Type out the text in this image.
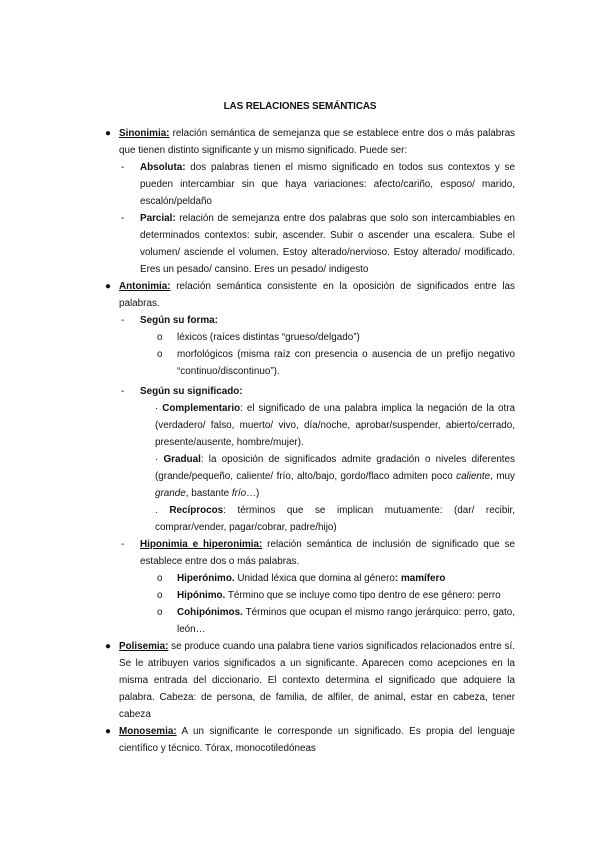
LAS RELACIONES SEMÁNTICAS
● Sinonimia: relación semántica de semejanza que se establece entre dos o más palabras que tienen distinto significante y un mismo significado. Puede ser:
- Absoluta: dos palabras tienen el mismo significado en todos sus contextos y se pueden intercambiar sin que haya variaciones: afecto/cariño, esposo/ marido, escalón/peldaño
- Parcial: relación de semejanza entre dos palabras que solo son intercambiables en determinados contextos: subir, ascender. Subir o ascender una escalera. Sube el volumen/ asciende el volumen. Estoy alterado/nervioso. Estoy alterado/ modificado. Eres un pesado/ cansino. Eres un pesado/ indigesto
● Antonimia: relación semántica consistente en la oposición de significados entre las palabras.
- Según su forma:
o léxicos (raíces distintas “grueso/delgado”)
o morfológicos (misma raíz con presencia o ausencia de un prefijo negativo “continuo/discontinuo”).
- Según su significado:
· Complementario: el significado de una palabra implica la negación de la otra (verdadero/ falso, muerto/ vivo, día/noche, aprobar/suspender, abierto/cerrado, presente/ausente, hombre/mujer).
· Gradual: la oposición de significados admite gradación o niveles diferentes (grande/pequeño, caliente/ frío, alto/bajo, gordo/flaco admiten poco caliente, muy grande, bastante frío…)
. Recíprocos: términos que se implican mutuamente: (dar/ recibir, comprar/vender, pagar/cobrar, padre/hijo)
- Hiponimia e hiperonimia: relación semántica de inclusión de significado que se establece entre dos o más palabras.
o Hiperónimo. Unidad léxica que domina al género: mamífero
o Hipónimo. Término que se incluye como tipo dentro de ese género: perro
o Cohipónimos. Términos que ocupan el mismo rango jerárquico: perro, gato, león…
● Polisemia: se produce cuando una palabra tiene varios significados relacionados entre sí. Se le atribuyen varios significados a un significante. Aparecen como acepciones en la misma entrada del diccionario. El contexto determina el significado que adquiere la palabra. Cabeza: de persona, de familia, de alfiler, de animal, estar en cabeza, tener cabeza
● Monosemia: A un significante le corresponde un significado. Es propia del lenguaje científico y técnico. Tórax, monocotiledóneas
